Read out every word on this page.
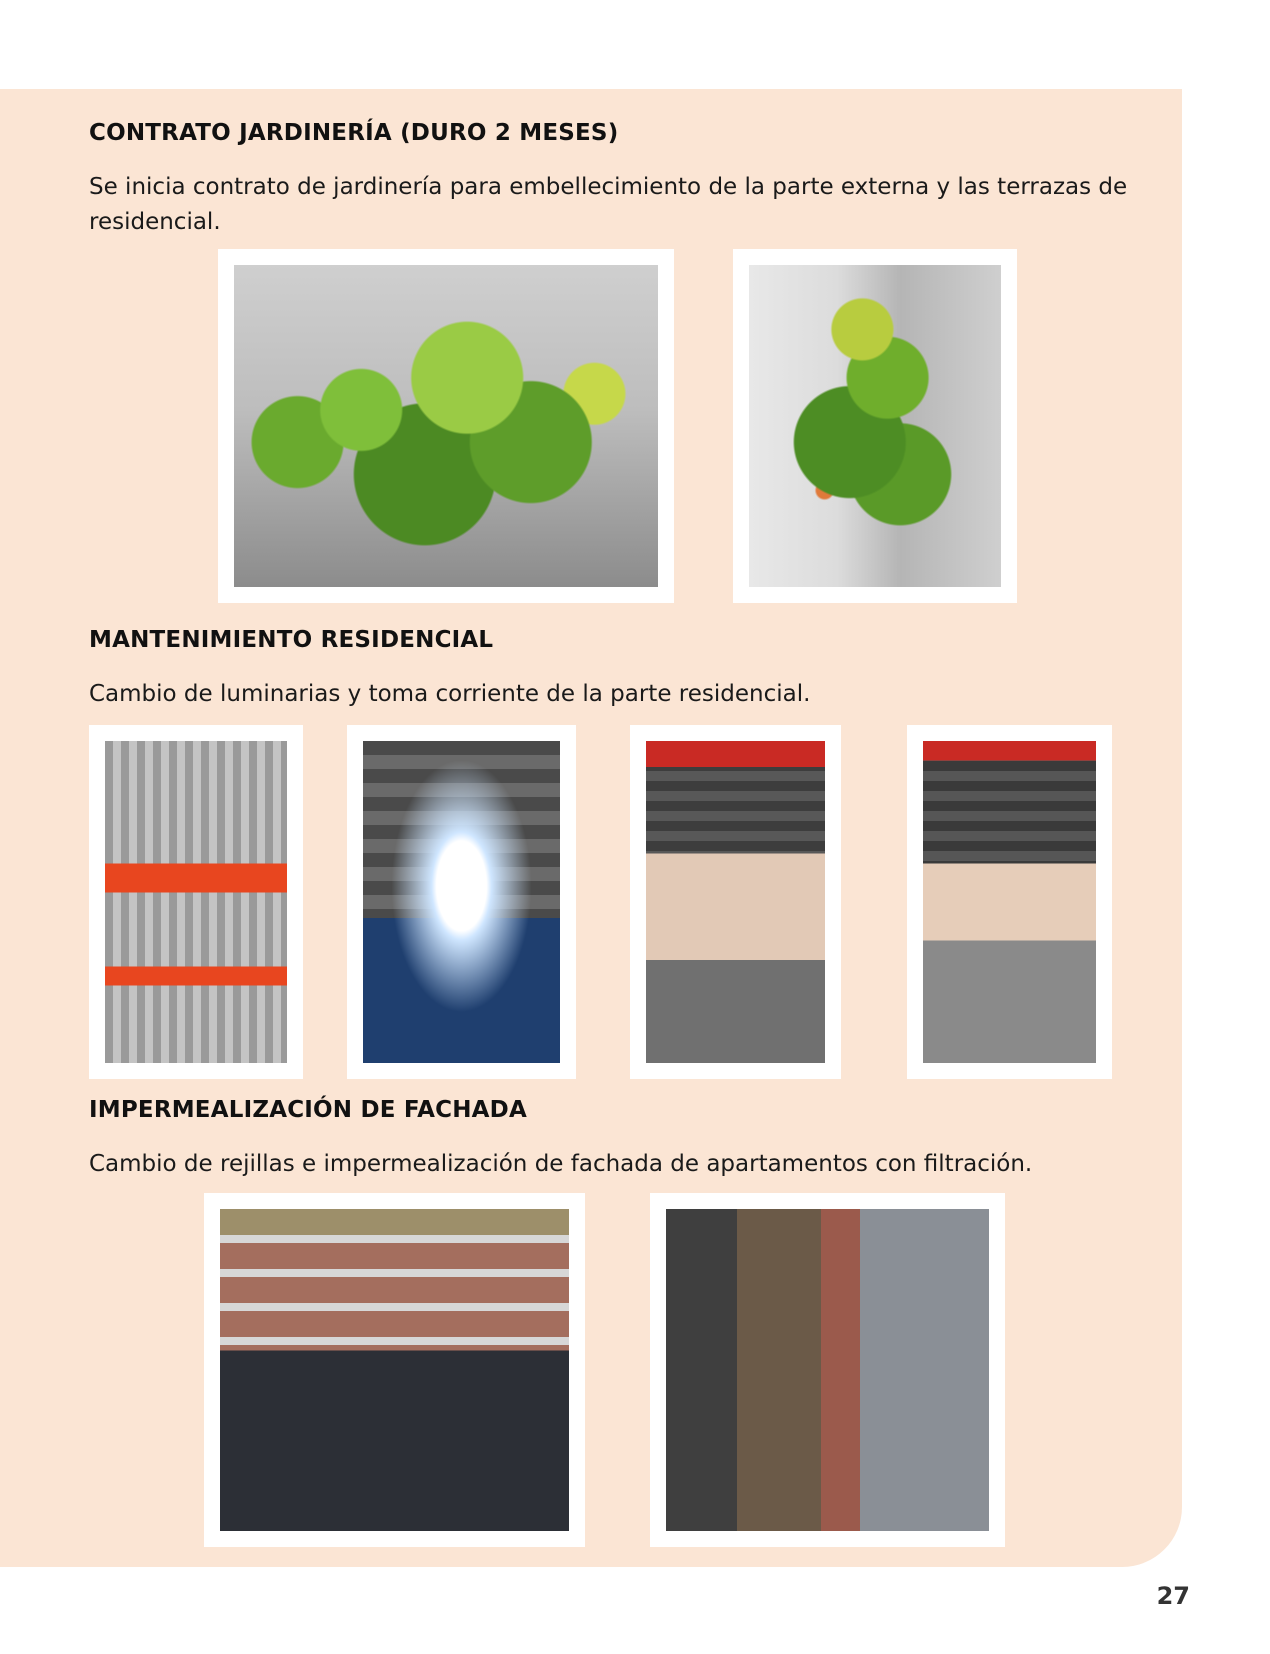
CONTRATO JARDINERÍA (DURO 2 MESES)

Se inicia contrato de jardinería para embellecimiento de la parte externa y las terrazas de residencial.

MANTENIMIENTO RESIDENCIAL

Cambio de luminarias y toma corriente de la parte residencial.

IMPERMEALIZACIÓN DE FACHADA

Cambio de rejillas e impermealización de fachada de apartamentos con filtración.

27
